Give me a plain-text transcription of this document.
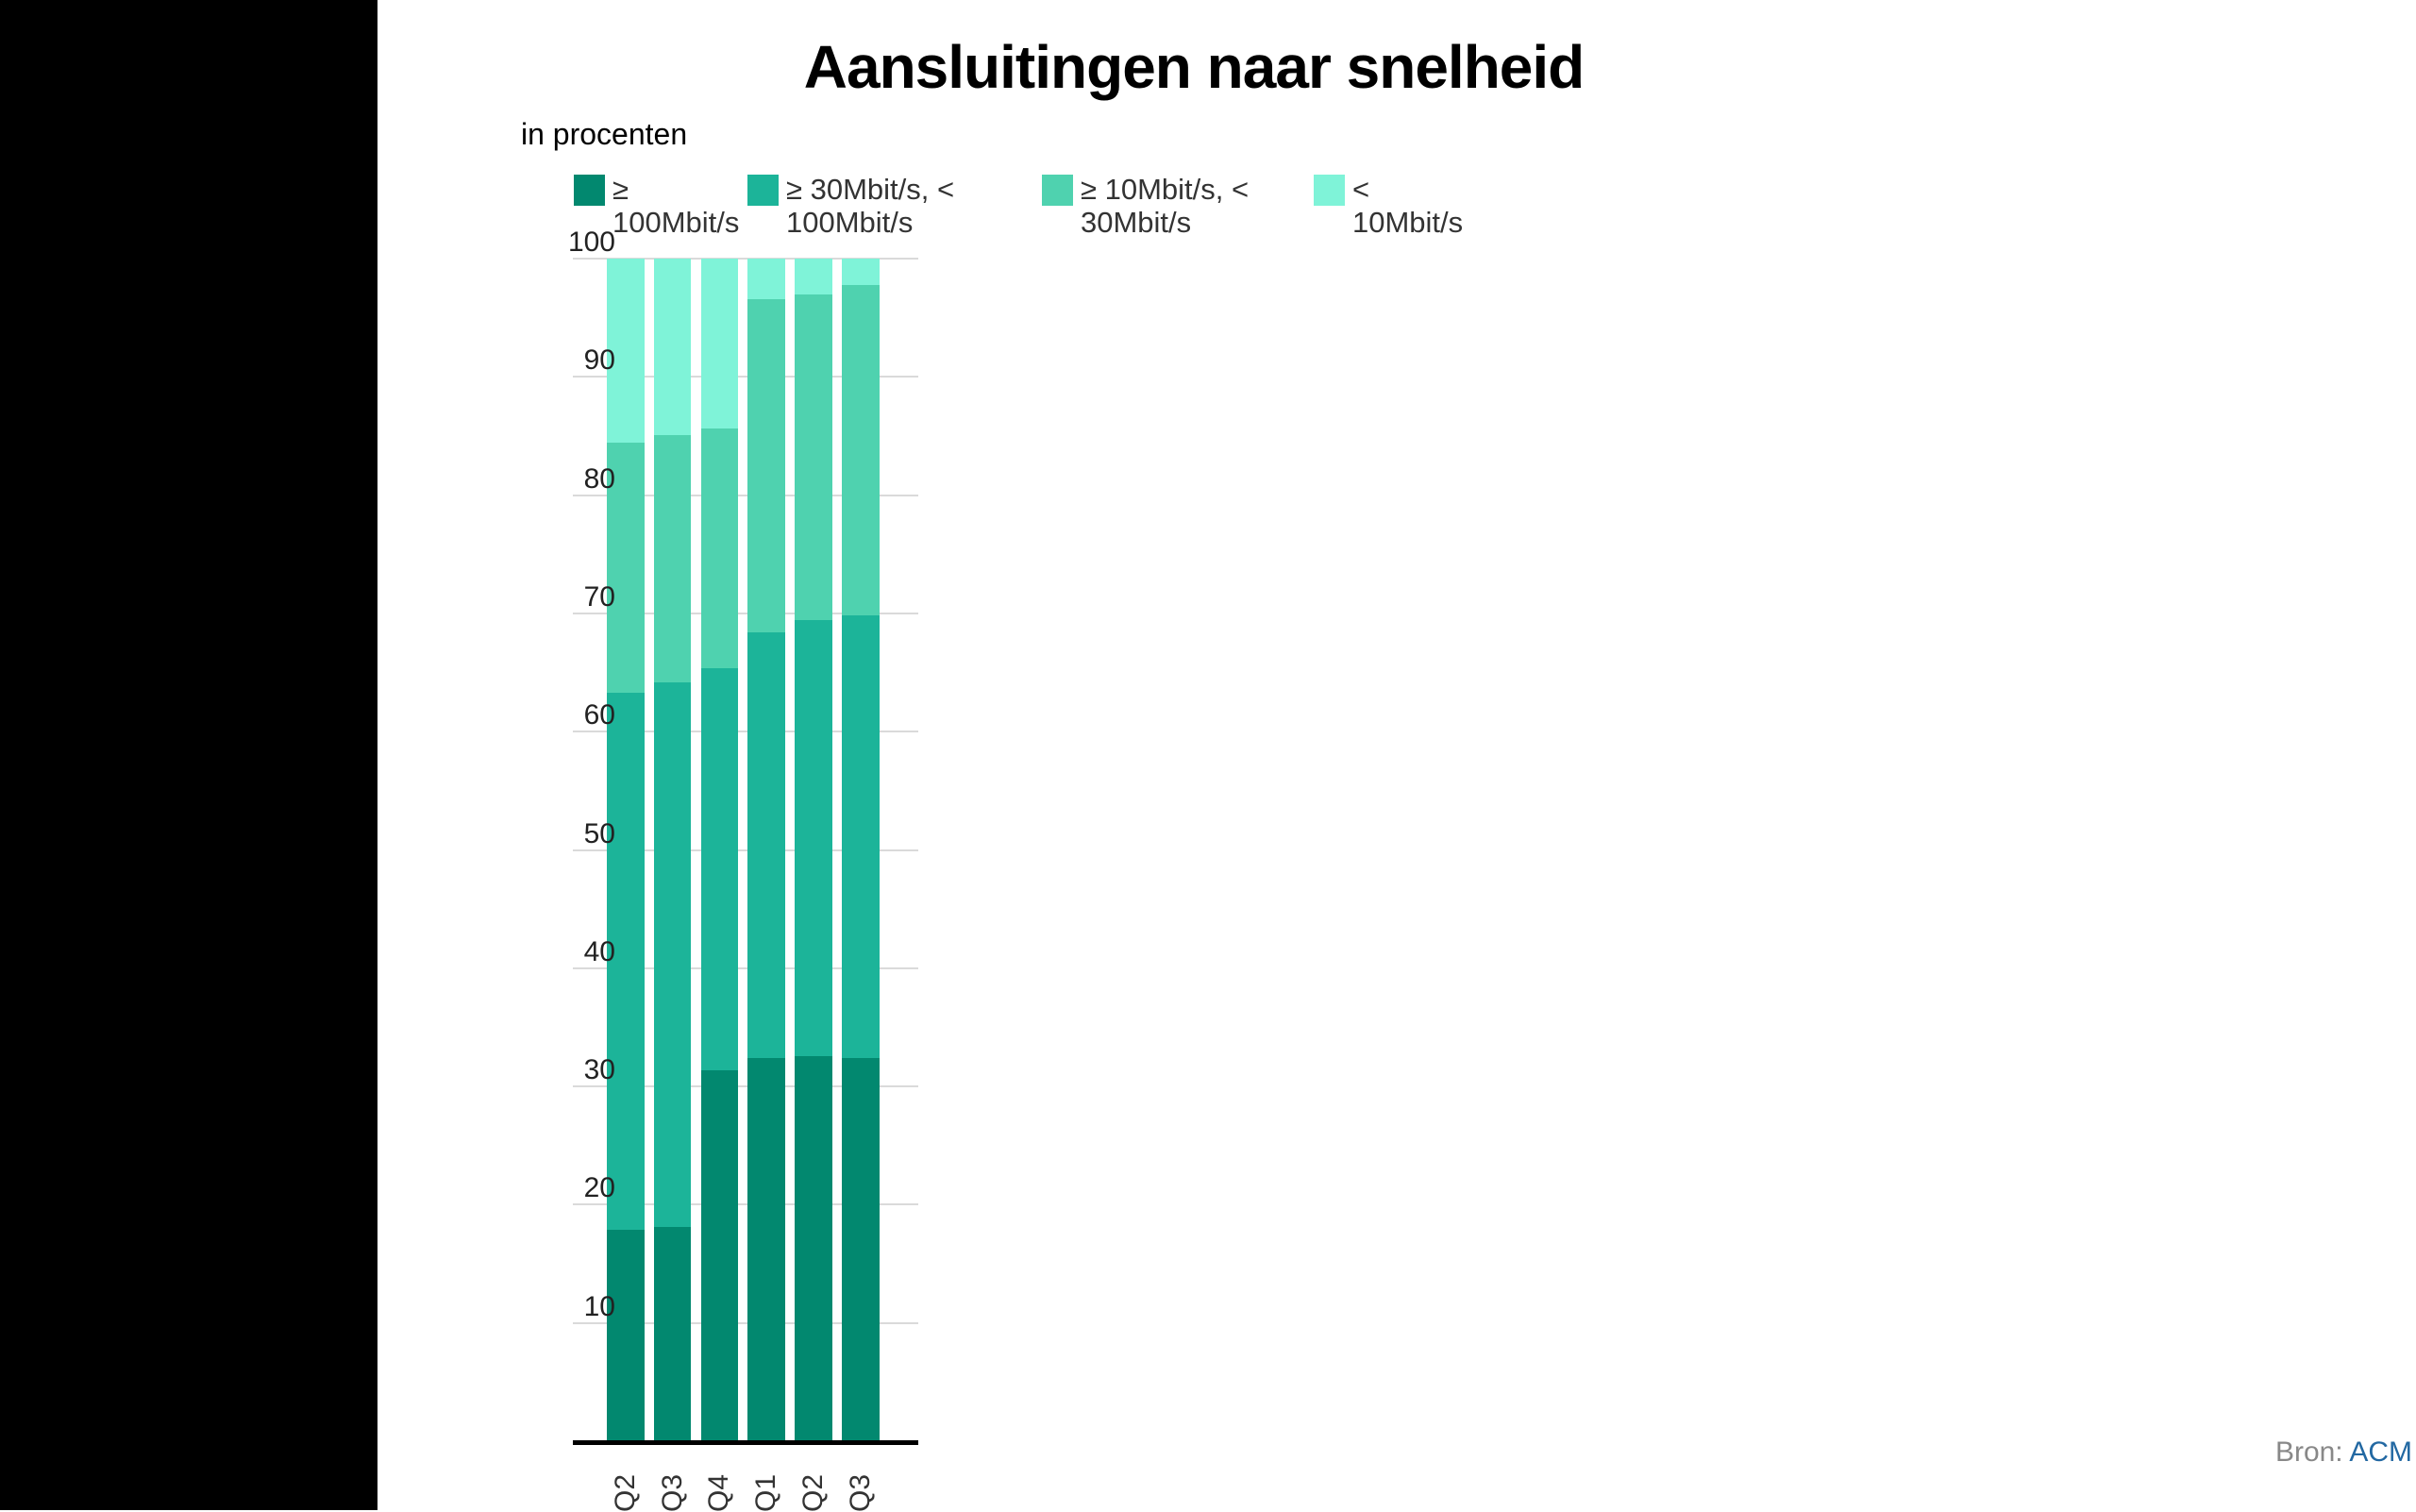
Aansluitingen naar snelheid
in procenten
≥
100Mbit/s
≥ 30Mbit/s, <
100Mbit/s
≥ 10Mbit/s, <
30Mbit/s
<
10Mbit/s
10
20
30
40
50
60
70
80
90
100
Q2 Q3 Q4 Q1 Q2 Q3
Bron: ACM
